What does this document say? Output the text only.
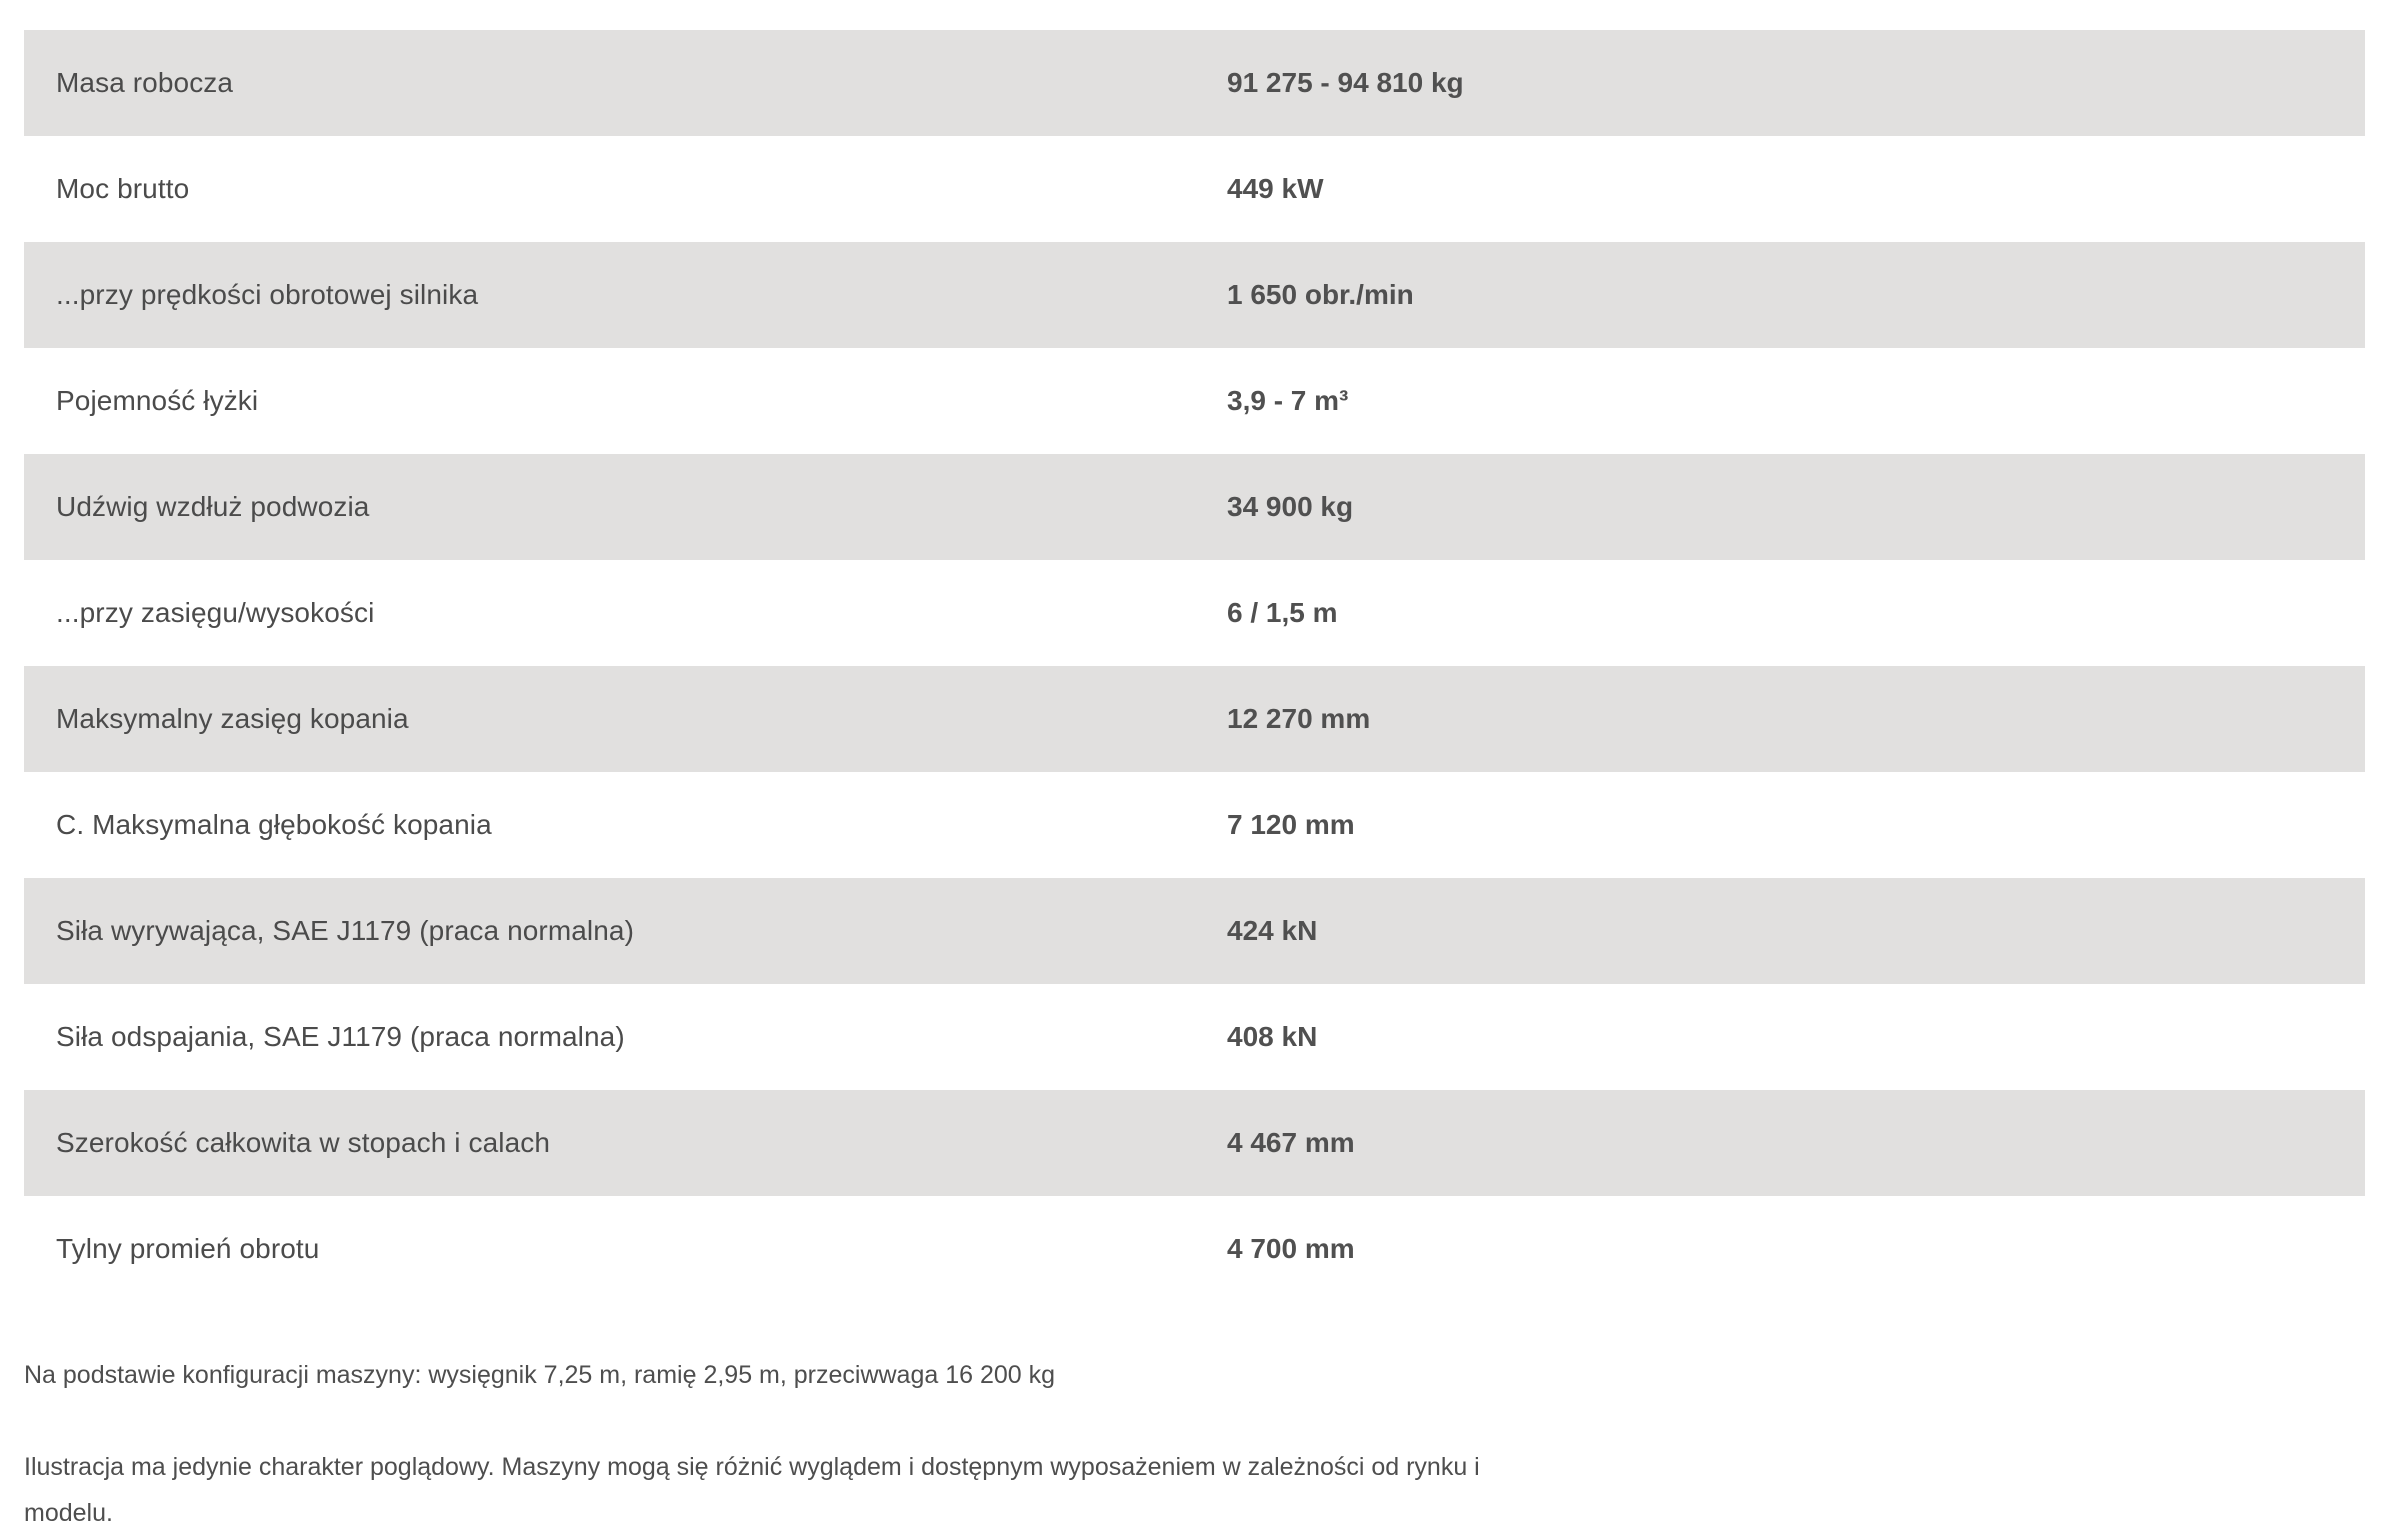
Masa robocza	91 275 - 94 810 kg
Moc brutto	449 kW
...przy prędkości obrotowej silnika	1 650 obr./min
Pojemność łyżki	3,9 - 7 m³
Udźwig wzdłuż podwozia	34 900 kg
...przy zasięgu/wysokości	6 / 1,5 m
Maksymalny zasięg kopania	12 270 mm
C. Maksymalna głębokość kopania	7 120 mm
Siła wyrywająca, SAE J1179 (praca normalna)	424 kN
Siła odspajania, SAE J1179 (praca normalna)	408 kN
Szerokość całkowita w stopach i calach	4 467 mm
Tylny promień obrotu	4 700 mm

Na podstawie konfiguracji maszyny: wysięgnik 7,25 m, ramię 2,95 m, przeciwwaga 16 200 kg

Ilustracja ma jedynie charakter poglądowy. Maszyny mogą się różnić wyglądem i dostępnym wyposażeniem w zależności od rynku i modelu.
